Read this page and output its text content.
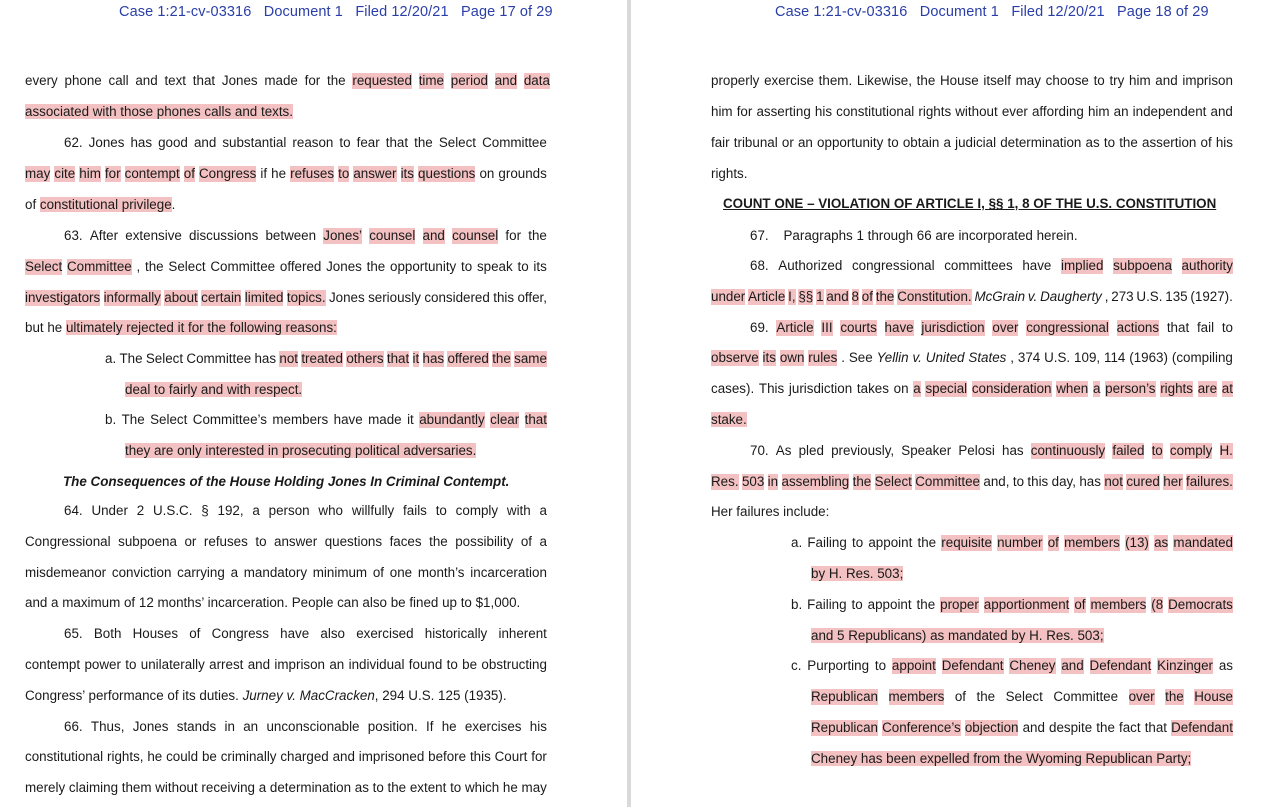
Case 1:21-cv-03316   Document 1   Filed 12/20/21   Page 17 of 29
every phone call and text that Jones made for the requested time period and data
associated with those phones calls and texts.
62. Jones has good and substantial reason to fear that the Select Committee
may cite him for contempt of Congress if he refuses to answer its questions on grounds
of constitutional privilege.
63. After extensive discussions between Jones’ counsel and counsel for the
Select Committee , the Select Committee offered Jones the opportunity to speak to its
investigators informally about certain limited topics. Jones seriously considered this offer,
but he ultimately rejected it for the following reasons:
a. The Select Committee has not treated others that it has offered the same
deal to fairly and with respect.
b. The Select Committee’s members have made it abundantly clear that
they are only interested in prosecuting political adversaries.
The Consequences of the House Holding Jones In Criminal Contempt.
64. Under 2 U.S.C. § 192, a person who willfully fails to comply with a
Congressional subpoena or refuses to answer questions faces the possibility of a
misdemeanor conviction carrying a mandatory minimum of one month’s incarceration
and a maximum of 12 months’ incarceration. People can also be fined up to $1,000.
65. Both Houses of Congress have also exercised historically inherent
contempt power to unilaterally arrest and imprison an individual found to be obstructing
Congress’ performance of its duties. Jurney v. MacCracken, 294 U.S. 125 (1935).
66. Thus, Jones stands in an unconscionable position. If he exercises his
constitutional rights, he could be criminally charged and imprisoned before this Court for
merely claiming them without receiving a determination as to the extent to which he may
Case 1:21-cv-03316   Document 1   Filed 12/20/21   Page 18 of 29
properly exercise them. Likewise, the House itself may choose to try him and imprison
him for asserting his constitutional rights without ever affording him an independent and
fair tribunal or an opportunity to obtain a judicial determination as to the assertion of his
rights.
COUNT ONE – VIOLATION OF ARTICLE I, §§ 1, 8 OF THE U.S. CONSTITUTION
67.    Paragraphs 1 through 66 are incorporated herein.
68. Authorized congressional committees have implied subpoena authority
under Article I, §§ 1 and 8 of the Constitution. McGrain v. Daugherty , 273 U.S. 135 (1927).
69. Article III courts have jurisdiction over congressional actions that fail to
observe its own rules . See Yellin v. United States , 374 U.S. 109, 114 (1963) (compiling
cases). This jurisdiction takes on a special consideration when a person’s rights are at
stake.
70. As pled previously, Speaker Pelosi has continuously failed to comply H.
Res. 503 in assembling the Select Committee and, to this day, has not cured her failures.
Her failures include:
a. Failing to appoint the requisite number of members (13) as mandated
by H. Res. 503;
b. Failing to appoint the proper apportionment of members (8 Democrats
and 5 Republicans) as mandated by H. Res. 503;
c. Purporting to appoint Defendant Cheney and Defendant Kinzinger as
Republican members of the Select Committee over the House
Republican Conference’s objection and despite the fact that Defendant
Cheney has been expelled from the Wyoming Republican Party;
